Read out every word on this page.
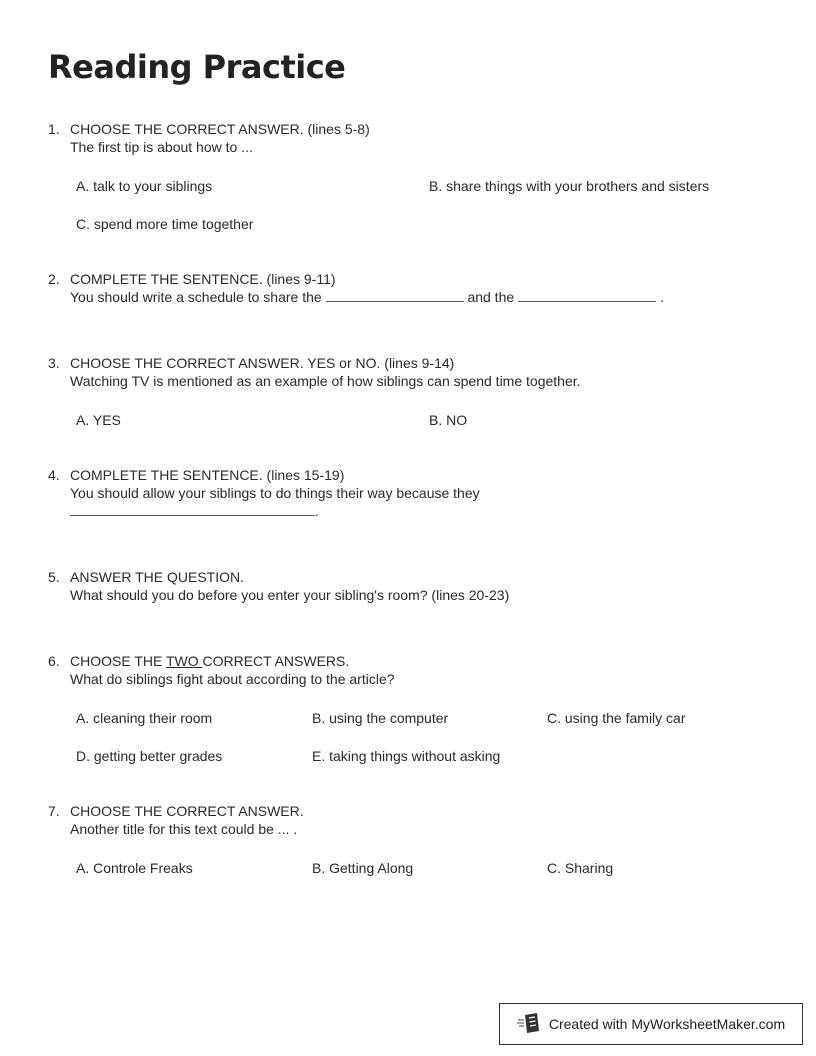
Reading Practice
1. CHOOSE THE CORRECT ANSWER. (lines 5-8)
The first tip is about how to ...
A. talk to your siblings	B. share things with your brothers and sisters
C. spend more time together
2. COMPLETE THE SENTENCE. (lines 9-11)
You should write a schedule to share the	and the	.
3. CHOOSE THE CORRECT ANSWER. YES or NO. (lines 9-14)
Watching TV is mentioned as an example of how siblings can spend time together.
A. YES	B. NO
4. COMPLETE THE SENTENCE. (lines 15-19)
You should allow your siblings to do things their way because they
.
5. ANSWER THE QUESTION.
What should you do before you enter your sibling's room? (lines 20-23)
6. CHOOSE THE TWO CORRECT ANSWERS.
What do siblings fight about according to the article?
A. cleaning their room	B. using the computer	C. using the family car
D. getting better grades	E. taking things without asking
7. CHOOSE THE CORRECT ANSWER.
Another title for this text could be ... .
A. Controle Freaks	B. Getting Along	C. Sharing
Created with MyWorksheetMaker.com
